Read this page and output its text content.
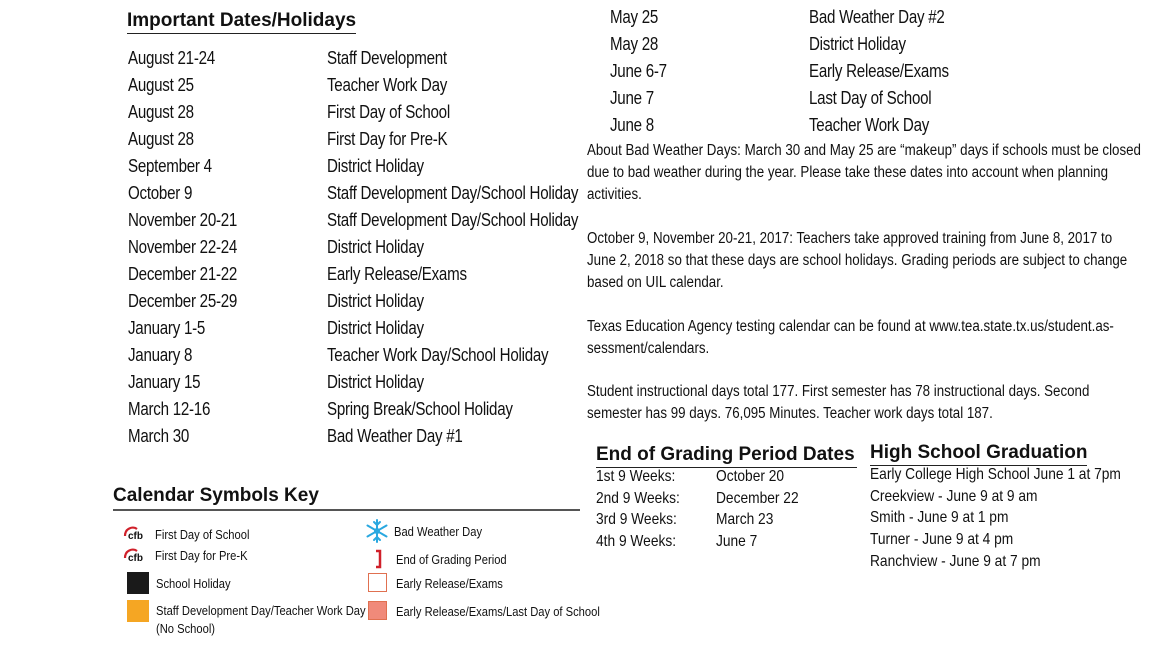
Important Dates/Holidays
August 21-24	Staff Development
August 25	Teacher Work Day
August 28	First Day of School
August 28	First Day for Pre-K
September 4	District Holiday
October 9	Staff Development Day/School Holiday
November 20-21	Staff Development Day/School Holiday
November 22-24	District Holiday
December 21-22	Early Release/Exams
December 25-29	District Holiday
January 1-5	District Holiday
January 8	Teacher Work Day/School Holiday
January 15	District Holiday
March 12-16	Spring Break/School Holiday
March 30	Bad Weather Day #1
May 25	Bad Weather Day #2
May 28	District Holiday
June 6-7	Early Release/Exams
June 7	Last Day of School
June 8	Teacher Work Day
About Bad Weather Days: March 30 and May 25 are “makeup” days if schools must be closed
due to bad weather during the year. Please take these dates into account when planning
activities.
October 9, November 20-21, 2017: Teachers take approved training from June 8, 2017 to
June 2, 2018 so that these days are school holidays. Grading periods are subject to change
based on UIL calendar.
Texas Education Agency testing calendar can be found at www.tea.state.tx.us/student.as-
sessment/calendars.
Student instructional days total 177. First semester has 78 instructional days. Second
semester has 99 days. 76,095 Minutes. Teacher work days total 187.
End of Grading Period Dates
1st 9 Weeks:	October 20
2nd 9 Weeks: December 22
3rd 9 Weeks: March 23
4th 9 Weeks: June 7
High School Graduation
Early College High School June 1 at 7pm
Creekview - June 9 at 9 am
Smith - June 9 at 1 pm
Turner - June 9 at 4 pm
Ranchview - June 9 at 7 pm
Calendar Symbols Key
cfb First Day of School
cfb First Day for Pre-K
School Holiday
Staff Development Day/Teacher Work Day
(No School)
Bad Weather Day
End of Grading Period
Early Release/Exams
Early Release/Exams/Last Day of School
